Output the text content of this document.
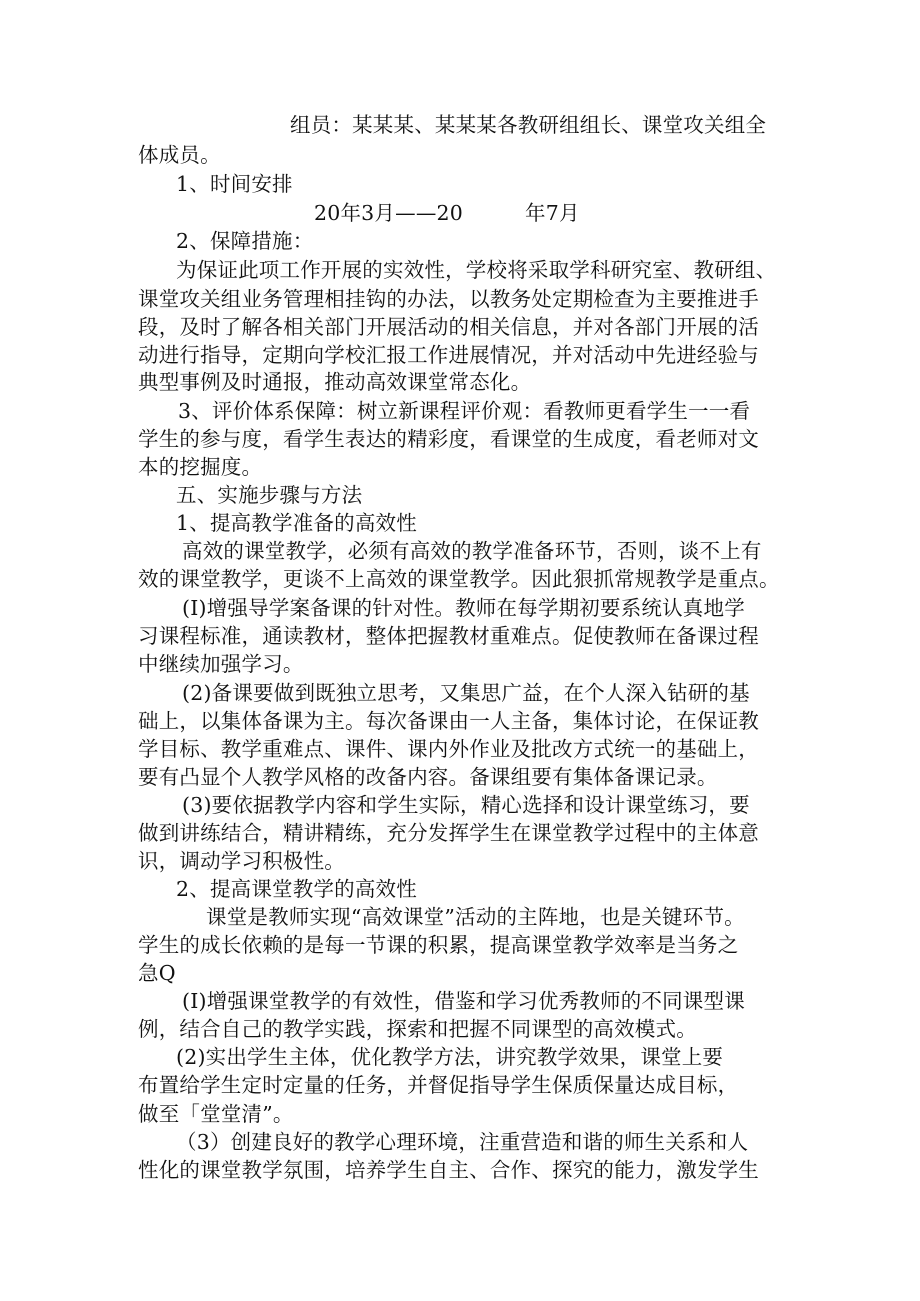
组员：某某某、某某某各教研组组长、课堂攻关组全
体成员。
1、时间安排
20年3月——20	年7月
2、保障措施：
为保证此项工作开展的实效性，学校将采取学科研究室、教研组、
课堂攻关组业务管理相挂钩的办法，以教务处定期检查为主要推进手
段，及时了解各相关部门开展活动的相关信息，并对各部门开展的活
动进行指导，定期向学校汇报工作进展情况，并对活动中先进经验与
典型事例及时通报，推动高效课堂常态化。
3、评价体系保障：树立新课程评价观：看教师更看学生一一看
学生的参与度，看学生表达的精彩度，看课堂的生成度，看老师对文
本的挖掘度。
五、实施步骤与方法
1、提高教学准备的高效性
高效的课堂教学，必须有高效的教学准备环节，否则，谈不上有
效的课堂教学，更谈不上高效的课堂教学。因此狠抓常规教学是重点。
(I)增强导学案备课的针对性。教师在每学期初要系统认真地学
习课程标准，通读教材，整体把握教材重难点。促使教师在备课过程
中继续加强学习。
(2)备课要做到既独立思考，又集思广益，在个人深入钻研的基
础上，以集体备课为主。每次备课由一人主备，集体讨论，在保证教
学目标、教学重难点、课件、课内外作业及批改方式统一的基础上，
要有凸显个人教学风格的改备内容。备课组要有集体备课记录。
(3)要依据教学内容和学生实际，精心选择和设计课堂练习，要
做到讲练结合，精讲精练，充分发挥学生在课堂教学过程中的主体意
识，调动学习积极性。
2、提高课堂教学的高效性
课堂是教师实现“高效课堂”活动的主阵地，也是关键环节。
学生的成长依赖的是每一节课的积累，提高课堂教学效率是当务之
急Q
(I)增强课堂教学的有效性，借鉴和学习优秀教师的不同课型课
例，结合自己的教学实践，探索和把握不同课型的高效模式。
(2)实出学生主体，优化教学方法，讲究教学效果，课堂上要
布置给学生定时定量的任务，并督促指导学生保质保量达成目标，
做至「堂堂清”。
（3）创建良好的教学心理环境，注重营造和谐的师生关系和人
性化的课堂教学氛围，培养学生自主、合作、探究的能力，激发学生
